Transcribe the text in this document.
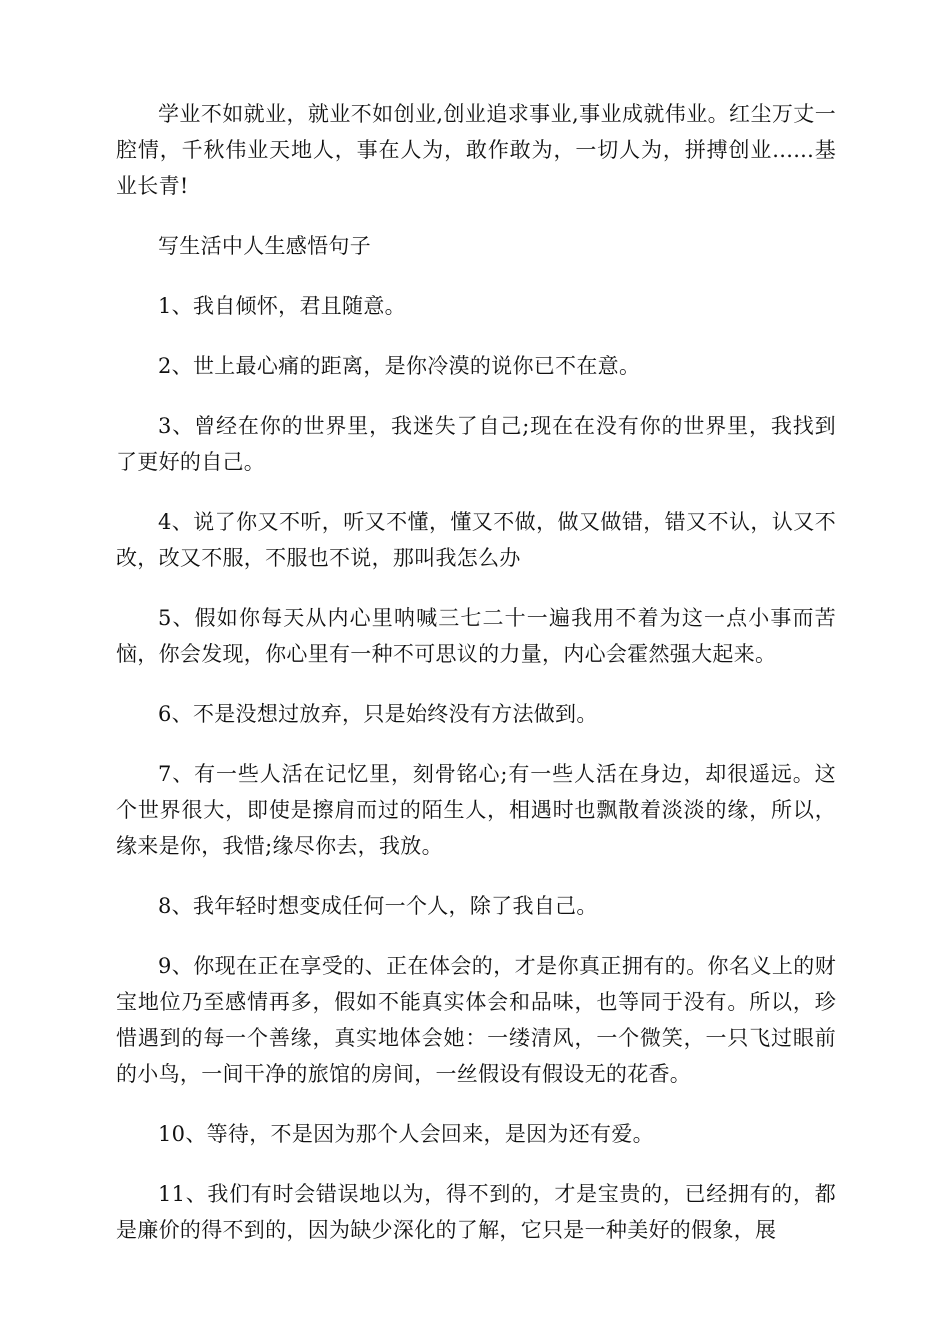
学业不如就业，就业不如创业,创业追求事业,事业成就伟业。红尘万丈一腔情，千秋伟业天地人，事在人为，敢作敢为，一切人为，拼搏创业......基业长青!

写生活中人生感悟句子

1、我自倾怀，君且随意。

2、世上最心痛的距离，是你冷漠的说你已不在意。

3、曾经在你的世界里，我迷失了自己;现在在没有你的世界里，我找到了更好的自己。

4、说了你又不听，听又不懂，懂又不做，做又做错，错又不认，认又不改，改又不服，不服也不说，那叫我怎么办

5、假如你每天从内心里呐喊三七二十一遍我用不着为这一点小事而苦恼，你会发现，你心里有一种不可思议的力量，内心会霍然强大起来。

6、不是没想过放弃，只是始终没有方法做到。

7、有一些人活在记忆里，刻骨铭心;有一些人活在身边，却很遥远。这个世界很大，即使是擦肩而过的陌生人，相遇时也飘散着淡淡的缘，所以，缘来是你，我惜;缘尽你去，我放。

8、我年轻时想变成任何一个人，除了我自己。

9、你现在正在享受的、正在体会的，才是你真正拥有的。你名义上的财宝地位乃至感情再多，假如不能真实体会和品味，也等同于没有。所以，珍惜遇到的每一个善缘，真实地体会她：一缕清风，一个微笑，一只飞过眼前的小鸟，一间干净的旅馆的房间，一丝假设有假设无的花香。

10、等待，不是因为那个人会回来，是因为还有爱。

11、我们有时会错误地以为，得不到的，才是宝贵的，已经拥有的，都是廉价的得不到的，因为缺少深化的了解，它只是一种美好的假象，展
